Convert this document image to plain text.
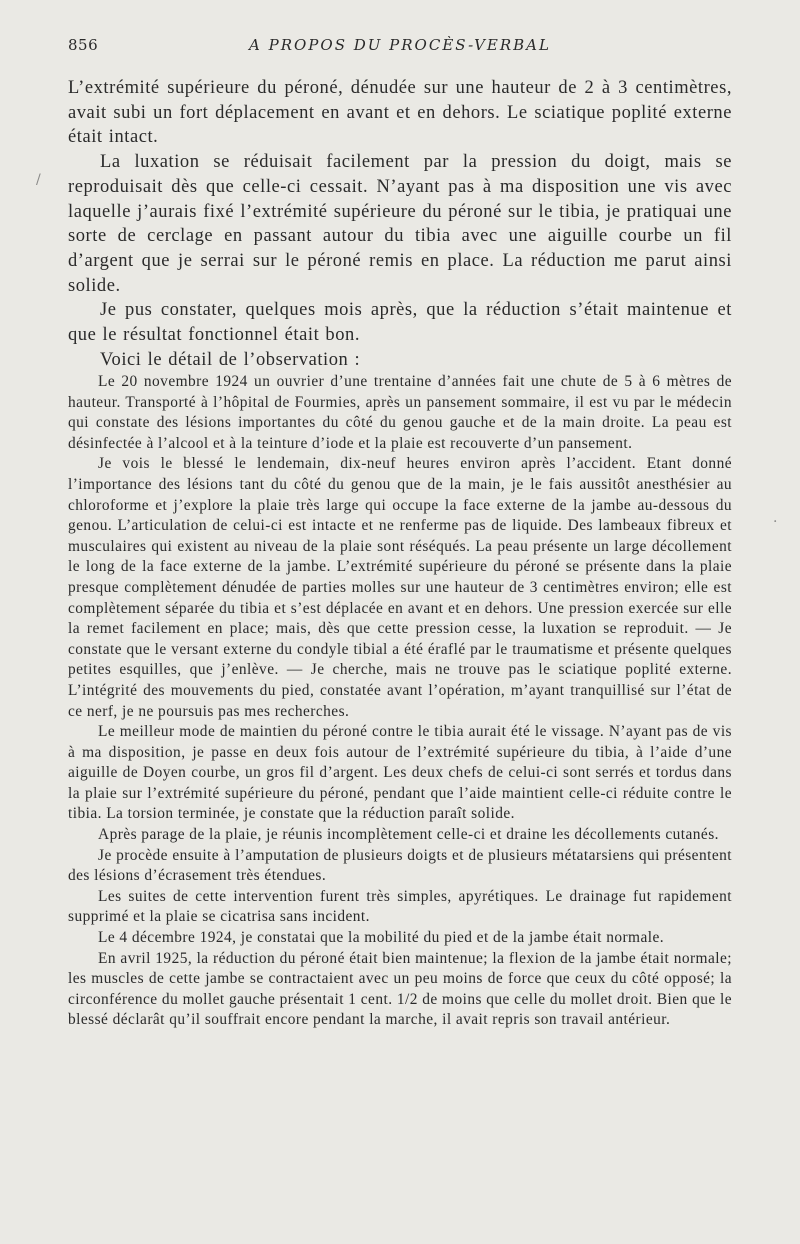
856	A PROPOS DU PROCÈS-VERBAL

L’extrémité supérieure du péroné, dénudée sur une hauteur de 2 à 3 centimètres, avait subi un fort déplacement en avant et en dehors. Le sciatique poplité externe était intact.

La luxation se réduisait facilement par la pression du doigt, mais se reproduisait dès que celle-ci cessait. N’ayant pas à ma disposition une vis avec laquelle j’aurais fixé l’extrémité supérieure du péroné sur le tibia, je pratiquai une sorte de cerclage en passant autour du tibia avec une aiguille courbe un fil d’argent que je serrai sur le péroné remis en place. La réduction me parut ainsi solide.

Je pus constater, quelques mois après, que la réduction s’était maintenue et que le résultat fonctionnel était bon.

Voici le détail de l’observation :

Le 20 novembre 1924 un ouvrier d’une trentaine d’années fait une chute de 5 à 6 mètres de hauteur. Transporté à l’hôpital de Fourmies, après un pansement sommaire, il est vu par le médecin qui constate des lésions importantes du côté du genou gauche et de la main droite. La peau est désinfectée à l’alcool et à la teinture d’iode et la plaie est recouverte d’un pansement.

Je vois le blessé le lendemain, dix-neuf heures environ après l’accident. Etant donné l’importance des lésions tant du côté du genou que de la main, je le fais aussitôt anesthésier au chloroforme et j’explore la plaie très large qui occupe la face externe de la jambe au-dessous du genou. L’articulation de celui-ci est intacte et ne renferme pas de liquide. Des lambeaux fibreux et musculaires qui existent au niveau de la plaie sont réséqués. La peau présente un large décollement le long de la face externe de la jambe. L’extrémité supérieure du péroné se présente dans la plaie presque complètement dénudée de parties molles sur une hauteur de 3 centimètres environ; elle est complètement séparée du tibia et s’est déplacée en avant et en dehors. Une pression exercée sur elle la remet facilement en place; mais, dès que cette pression cesse, la luxation se reproduit. — Je constate que le versant externe du condyle tibial a été éraflé par le traumatisme et présente quelques petites esquilles, que j’enlève. — Je cherche, mais ne trouve pas le sciatique poplité externe. L’intégrité des mouvements du pied, constatée avant l’opération, m’ayant tranquillisé sur l’état de ce nerf, je ne poursuis pas mes recherches.

Le meilleur mode de maintien du péroné contre le tibia aurait été le vissage. N’ayant pas de vis à ma disposition, je passe en deux fois autour de l’extrémité supérieure du tibia, à l’aide d’une aiguille de Doyen courbe, un gros fil d’argent. Les deux chefs de celui-ci sont serrés et tordus dans la plaie sur l’extrémité supérieure du péroné, pendant que l’aide maintient celle-ci réduite contre le tibia. La torsion terminée, je constate que la réduction paraît solide.

Après parage de la plaie, je réunis incomplètement celle-ci et draine les décollements cutanés.

Je procède ensuite à l’amputation de plusieurs doigts et de plusieurs métatarsiens qui présentent des lésions d’écrasement très étendues.

Les suites de cette intervention furent très simples, apyrétiques. Le drainage fut rapidement supprimé et la plaie se cicatrisa sans incident.

Le 4 décembre 1924, je constatai que la mobilité du pied et de la jambe était normale.

En avril 1925, la réduction du péroné était bien maintenue; la flexion de la jambe était normale; les muscles de cette jambe se contractaient avec un peu moins de force que ceux du côté opposé; la circonférence du mollet gauche présentait 1 cent. 1/2 de moins que celle du mollet droit. Bien que le blessé déclarât qu’il souffrait encore pendant la marche, il avait repris son travail antérieur.

/
·
